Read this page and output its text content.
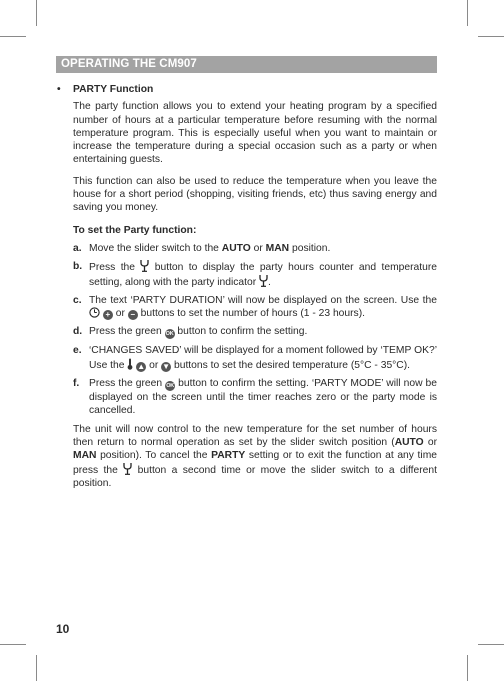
OPERATING THE CM907
• PARTY Function

The party function allows you to extend your heating program by a specified number of hours at a particular temperature before resuming with the normal temperature program. This is especially useful when you want to maintain or increase the temperature during a special occasion such as a party or when entertaining guests.

This function can also be used to reduce the temperature when you leave the house for a short period (shopping, visiting friends, etc) thus saving energy and saving you money.

To set the Party function:
a. Move the slider switch to the AUTO or MAN position.
b. Press the  button to display the party hours counter and temperature setting, along with the party indicator .
c. The text ‘PARTY DURATION’ will now be displayed on the screen. Use the  + or − buttons to set the number of hours (1 - 23 hours).
d. Press the green OK button to confirm the setting.
e. ‘CHANGES SAVED’ will be displayed for a moment followed by ‘TEMP OK?’ Use the  ▲ or ▼ buttons to set the desired temperature (5°C - 35°C).
f. Press the green OK button to confirm the setting. ‘PARTY MODE’ will now be displayed on the screen until the timer reaches zero or the party mode is cancelled.

The unit will now control to the new temperature for the set number of hours then return to normal operation as set by the slider switch position (AUTO or MAN position). To cancel the PARTY setting or to exit the function at any time press the  button a second time or move the slider switch to a different position.

10
